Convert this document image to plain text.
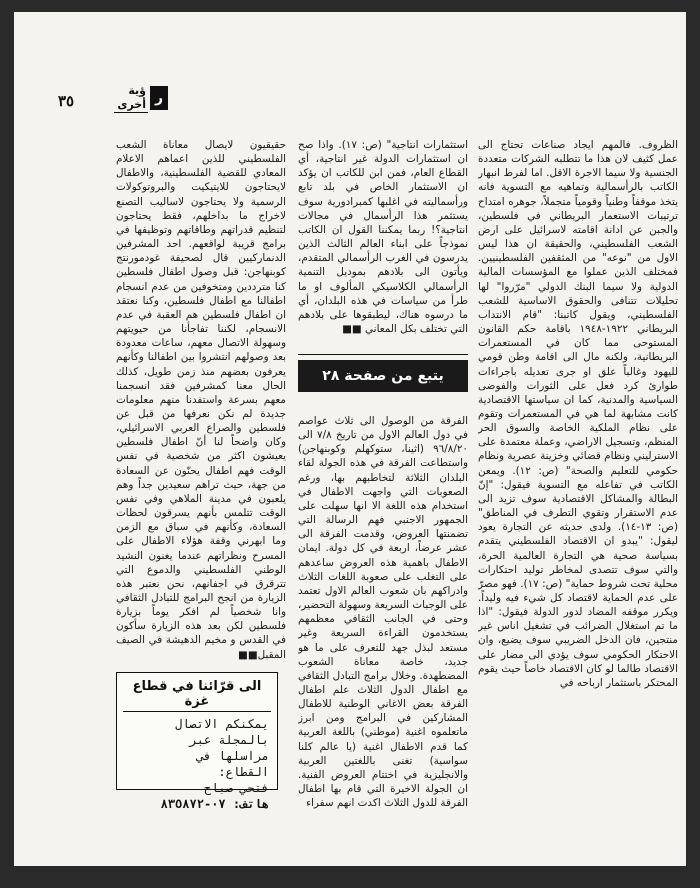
٣٥	ر
ؤية
أخرى

الظروف. فالمهم ايجاد صناعات تحتاج الى عمل كثيف لان هذا ما تتطلبه الشركات متعددة الجنسية ولا سيما الاجرة الاقل. اما لفرط انبهار الكاتب بالرأسمالية وتماهيه مع التسوية فانه يتخذ موقفاً وطنياً وقومياً متجملاً، جوهره امتداح ترتيبات الاستعمار البريطاني في فلسطين، والجبن عن ادانة اقامته لاسرائيل على ارض الشعب الفلسطيني، والحقيقة ان هذا ليس الاول من "نوعه" من المثقفين الفلسطينيين. فمختلف الذين عملوا مع المؤسسات المالية الدولية ولا سيما البنك الدولي "مرّروا" لها تحليلات تتنافى والحقوق الاساسية للشعب الفلسطيني، ويقول كاتبنا: "قام الانتداب البريطاني ١٩٢٢-١٩٤٨ باقامة حكم القانون المستوحى مما كان في المستعمرات البريطانية، ولكنه مال الى اقامة وطن قومي لليهود وغالباً علق او جرى تعديله باجراءات طوارئ كرد فعل على الثورات والفوضى السياسية والمدنية، كما ان سياستها الاقتصادية كانت مشابهة لما هي في المستعمرات وتقوم على نظام الملكية الخاصة والسوق الحر المنظم، وتسجيل الاراضي، وعملة معتمدة على الاسترليني ونظام قضائي وخزينة عصرية ونظام حكومي للتعليم والصحة" (ص: ١٢). ويمعن الكاتب في تفاعله مع التسوية فيقول: "إنّ البطالة والمشاكل الاقتصادية سوف تزيد الى عدم الاستقرار وتقوي التطرف في المناطق" (ص: ١٣-١٤). ولدى حديثه عن التجارة يعود ليقول: "يبدو ان الاقتصاد الفلسطيني يتقدم بسياسة صحية هي التجارة العالمية الحرة، والتي سوف تتصدى لمخاطر توليد احتكارات محلية تحت شروط حماية" (ص: ١٧). فهو مصرّ على عدم الحماية لاقتصاد كل شيء فيه وليداً. ويكرر موقفه المضاد لدور الدولة فيقول: "اذا ما تم استغلال الضرائب في تشغيل اناس غير منتجين، فان الدخل الضريبي سوف يضيع، وان الاحتكار الحكومي سوف يؤدي الى مضار على الاقتصاد طالما لو كان الاقتصاد خاصاً حيث يقوم المحتكر باستثمار ارباحه في

استثمارات انتاجية" (ص: ١٧). واذا صح ان استثمارات الدولة غير انتاجية، أي القطاع العام، فمن ابن للكاتب ان يؤكد ان الاستثمار الخاص في بلد تابع ورأسماليته في اغلبها كمبرادورية سوف يستثمر هذا الرأسمال في مجالات انتاجية؟! ربما يمكننا القول ان الكاتب نموذجاً على ابناء العالم الثالث الذين يدرسون في الغرب الرأسمالي المتقدم، ويأتون الى بلادهم بموديل التنمية الرأسمالي الكلاسيكي المألوف او ما طرأ من سياسات في هذه البلدان، أي ما درسوه هناك، ليطبقوها على بلادهم التي تختلف بكل المعاني ■■

يتبع من صفحة ٢٨

الفرقة من الوصول الى ثلاث عواصم في دول العالم الاول من تاريخ ٧/٨ الى ٩٦/٨/٢٠ (اثينا، ستوكهلم وكوبنهاجن) واستطاعت الفرقة في هذه الجولة لقاء البلدان الثلاثة لتخاطبهم بها، ورغم الصعوبات التي واجهت الاطفال في استخدام هذه اللغة الا انها سهلت على الجمهور الاجنبي فهم الرسالة التي تضمنتها العروض، وقدمت الفرقة الى عشر عرضاً، اربعة في كل دولة. ايمان الاطفال باهمية هذه العروض ساعدهم على التغلب على صعوبة اللغات الثلاث وادراكهم بان شعوب العالم الاول تعتمد على الوجبات السريعة وسهولة التحضير، وحتى في الجانب الثقافي معظمهم يستخدمون القراءة السريعة وغير مستعد لبذل جهد للتعرف على ما هو جديد، خاصة معاناة الشعوب المضطهدة. وخلال برامج التبادل الثقافي مع اطفال الدول الثلاث علم اطفال الفرقة بعض الاغاني الوطنية للاطفال المشاركين في البرامج ومن ابرز ماتعلموه اغنية (موطني) باللغة العربية كما قدم الاطفال اغنية (يا عالم كلنا سواسية) تغنى باللغتين العربية والانجليزية في اختتام العروض الفنية. ان الجولة الاخيرة التي قام بها اطفال الفرقة للدول الثلاث اكدت انهم سفراء

حقيقيون لايصال معاناة الشعب الفلسطيني للذين اعماهم الاعلام المعادي للقضية الفلسطينية، والاطفال لايحتاجون للايتيكيت والبروتوكولات الرسمية ولا يحتاجون لاساليب التصنع لاخراج ما بداخلهم، فقط يحتاجون لتنظيم قدراتهم وطاقاتهم وتوظيفها في برامج قريبة لواقعهم. احد المشرفين الدنماركيين قال لصحيفة غودمورنتج كوبنهاجن: قبل وصول اطفال فلسطين كنا مترددين ومتخوفين من عدم انسجام اطفالنا مع اطفال فلسطين، وكنا نعتقد ان اطفال فلسطين هم العقبة في عدم الانسجام، لكننا تفاجأنا من حيويتهم وسهولة الاتصال معهم، ساعات معدودة بعد وصولهم انتشروا بين اطفالنا وكأنهم يعرفون بعضهم منذ زمن طويل، كذلك الحال معنا كمشرفين فقد انسجمنا معهم بسرعة واستفدنا منهم معلومات جديدة لم نكن نعرفها من قبل عن فلسطين والصراع العربي الاسرائيلي، وكان واضحاً لنا أنّ اطفال فلسطين يعيشون اكثر من شخصية في نفس الوقت فهم اطفال يحنّون عن السعادة من جهة، حيث تراهم سعيدين جداً وهم يلعبون في مدينة الملاهي وفي نفس الوقت تتلمس بأنهم يسرقون لحظات السعادة، وكأنهم في سباق مع الزمن وما ابهرني وقفة هؤلاء الاطفال على المسرح ونظراتهم عندما يغنون النشيد الوطني الفلسطيني والدموع التي تترقرق في اجفانهم، نحن نعتبر هذه الزيارة من انجح البرامج للتبادل الثقافي وانا شخصياً لم افكر يوماً بزيارة فلسطين لكن بعد هذه الزيارة سأكون في القدس و مخيم الدهيشة في الصيف المقبل■■

الى قرّائنا في قطاع غزة
يمكنكم الاتصال
بالمجلة عبر
مراسلها في
القطاع:
فتحي صباح
هاتف: ٠٧-٨٣٥٨٧٢
